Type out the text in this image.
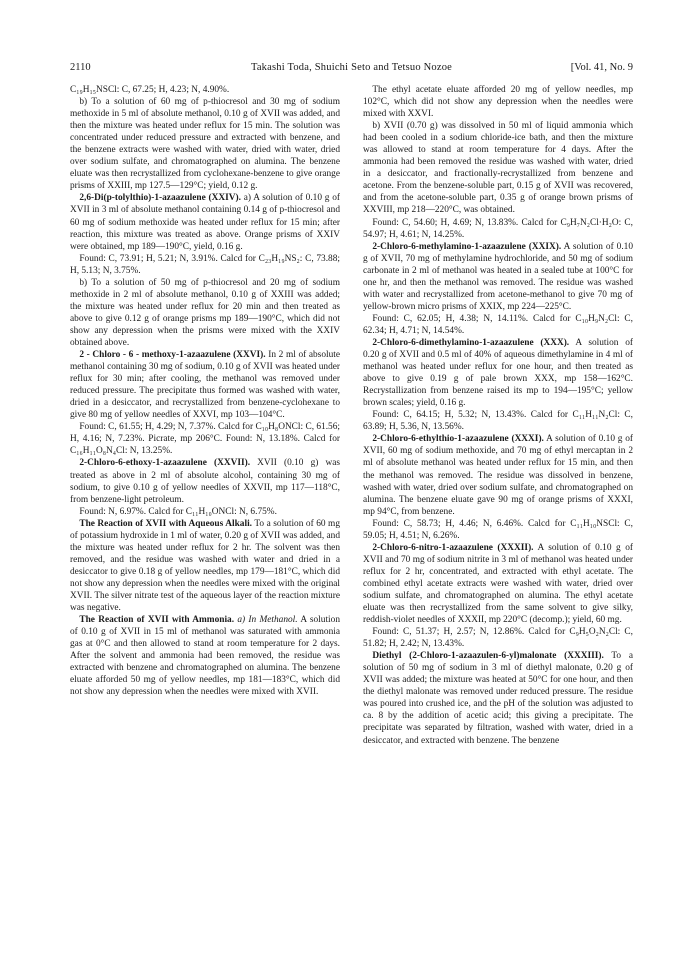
2110	Takashi Toda, Shuichi Seto and Tetsuo Nozoe	[Vol. 41, No. 9

C₁₉H₁₅NSCl: C, 67.25; H, 4.23; N, 4.90%.

b) To a solution of 60 mg of p-thiocresol and 30 mg of sodium methoxide in 5 ml of absolute methanol, 0.10 g of XVII was added, and then the mixture was heated under reflux for 15 min. The solution was concentrated under reduced pressure and extracted with benzene, and the benzene extracts were washed with water, dried with water, dried over sodium sulfate, and chromatographed on alumina. The benzene eluate was then recrystallized from cyclohexane-benzene to give orange prisms of XXIII, mp 127.5—129°C; yield, 0.12 g.

2,6-Di(p-tolylthio)-1-azaazulene (XXIV). a) A solution of 0.10 g of XVII in 3 ml of absolute methanol containing 0.14 g of p-thiocresol and 60 mg of sodium methoxide was heated under reflux for 15 min; after reaction, this mixture was treated as above. Orange prisms of XXIV were obtained, mp 189—190°C, yield, 0.16 g.

Found: C, 73.91; H, 5.21; N, 3.91%. Calcd for C₂₃H₁₉NS₂: C, 73.88; H, 5.13; N, 3.75%.

b) To a solution of 50 mg of p-thiocresol and 20 mg of sodium methoxide in 2 ml of absolute methanol, 0.10 g of XXIII was added; the mixture was heated under reflux for 20 min and then treated as above to give 0.12 g of orange prisms mp 189—190°C, which did not show any depression when the prisms were mixed with the XXIV obtained above.

2 - Chloro - 6 - methoxy-1-azaazulene (XXVI). In 2 ml of absolute methanol containing 30 mg of sodium, 0.10 g of XVII was heated under reflux for 30 min; after cooling, the methanol was removed under reduced pressure. The precipitate thus formed was washed with water, dried in a desiccator, and recrystallized from benzene-cyclohexane to give 80 mg of yellow needles of XXVI, mp 103—104°C.

Found: C, 61.55; H, 4.29; N, 7.37%. Calcd for C₁₀H₈ONCl: C, 61.56; H, 4.16; N, 7.23%. Picrate, mp 206°C. Found: N, 13.18%. Calcd for C₁₆H₁₁O₈N₄Cl: N, 13.25%.

2-Chloro-6-ethoxy-1-azaazulene (XXVII). XVII (0.10 g) was treated as above in 2 ml of absolute alcohol, containing 30 mg of sodium, to give 0.10 g of yellow needles of XXVII, mp 117—118°C, from benzene-light petroleum.

Found: N, 6.97%. Calcd for C₁₁H₁₀ONCl: N, 6.75%.

The Reaction of XVII with Aqueous Alkali. To a solution of 60 mg of potassium hydroxide in 1 ml of water, 0.20 g of XVII was added, and the mixture was heated under reflux for 2 hr. The solvent was then removed, and the residue was washed with water and dried in a desiccator to give 0.18 g of yellow needles, mp 179—181°C, which did not show any depression when the needles were mixed with the original XVII. The silver nitrate test of the aqueous layer of the reaction mixture was negative.

The Reaction of XVII with Ammonia. a) In Methanol. A solution of 0.10 g of XVII in 15 ml of methanol was saturated with ammonia gas at 0°C and then allowed to stand at room temperature for 2 days. After the solvent and ammonia had been removed, the residue was extracted with benzene and chromatographed on alumina. The benzene eluate afforded 50 mg of yellow needles, mp 181—183°C, which did not show any depression when the needles were mixed with XVII.

The ethyl acetate eluate afforded 20 mg of yellow needles, mp 102°C, which did not show any depression when the needles were mixed with XXVI.

b) XVII (0.70 g) was dissolved in 50 ml of liquid ammonia which had been cooled in a sodium chloride-ice bath, and then the mixture was allowed to stand at room temperature for 4 days. After the ammonia had been removed the residue was washed with water, dried in a desiccator, and fractionally-recrystallized from benzene and acetone. From the benzene-soluble part, 0.15 g of XVII was recovered, and from the acetone-soluble part, 0.35 g of orange brown prisms of XXVIII, mp 218—220°C, was obtained.

Found: C, 54.60; H, 4.69; N, 13.83%. Calcd for C₉H₇N₂Cl·H₂O: C, 54.97; H, 4.61; N, 14.25%.

2-Chloro-6-methylamino-1-azaazulene (XXIX). A solution of 0.10 g of XVII, 70 mg of methylamine hydrochloride, and 50 mg of sodium carbonate in 2 ml of methanol was heated in a sealed tube at 100°C for one hr, and then the methanol was removed. The residue was washed with water and recrystallized from acetone-methanol to give 70 mg of yellow-brown micro prisms of XXIX, mp 224—225°C.

Found: C, 62.05; H, 4.38; N, 14.11%. Calcd for C₁₀H₉N₂Cl: C, 62.34; H, 4.71; N, 14.54%.

2-Chloro-6-dimethylamino-1-azaazulene (XXX). A solution of 0.20 g of XVII and 0.5 ml of 40% of aqueous dimethylamine in 4 ml of methanol was heated under reflux for one hour, and then treated as above to give 0.19 g of pale brown XXX, mp 158—162°C. Recrystallization from benzene raised its mp to 194—195°C; yellow brown scales; yield, 0.16 g.

Found: C, 64.15; H, 5.32; N, 13.43%. Calcd for C₁₁H₁₁N₂Cl: C, 63.89; H, 5.36, N, 13.56%.

2-Chloro-6-ethylthio-1-azaazulene (XXXI). A solution of 0.10 g of XVII, 60 mg of sodium methoxide, and 70 mg of ethyl mercaptan in 2 ml of absolute methanol was heated under reflux for 15 min, and then the methanol was removed. The residue was dissolved in benzene, washed with water, dried over sodium sulfate, and chromatographed on alumina. The benzene eluate gave 90 mg of orange prisms of XXXI, mp 94°C, from benzene.

Found: C, 58.73; H, 4.46; N, 6.46%. Calcd for C₁₁H₁₀NSCl: C, 59.05; H, 4.51; N, 6.26%.

2-Chloro-6-nitro-1-azaazulene (XXXII). A solution of 0.10 g of XVII and 70 mg of sodium nitrite in 3 ml of methanol was heated under reflux for 2 hr, concentrated, and extracted with ethyl acetate. The combined ethyl acetate extracts were washed with water, dried over sodium sulfate, and chromatographed on alumina. The ethyl acetate eluate was then recrystallized from the same solvent to give silky, reddish-violet needles of XXXII, mp 220°C (decomp.); yield, 60 mg.

Found: C, 51.37; H, 2.57; N, 12.86%. Calcd for C₉H₅O₂N₂Cl: C, 51.82; H, 2.42; N, 13.43%.

Diethyl (2-Chloro-1-azaazulen-6-yl)malonate (XXXIII). To a solution of 50 mg of sodium in 3 ml of diethyl malonate, 0.20 g of XVII was added; the mixture was heated at 50°C for one hour, and then the diethyl malonate was removed under reduced pressure. The residue was poured into crushed ice, and the pH of the solution was adjusted to ca. 8 by the addition of acetic acid; this giving a precipitate. The precipitate was separated by filtration, washed with water, dried in a desiccator, and extracted with benzene. The benzene
